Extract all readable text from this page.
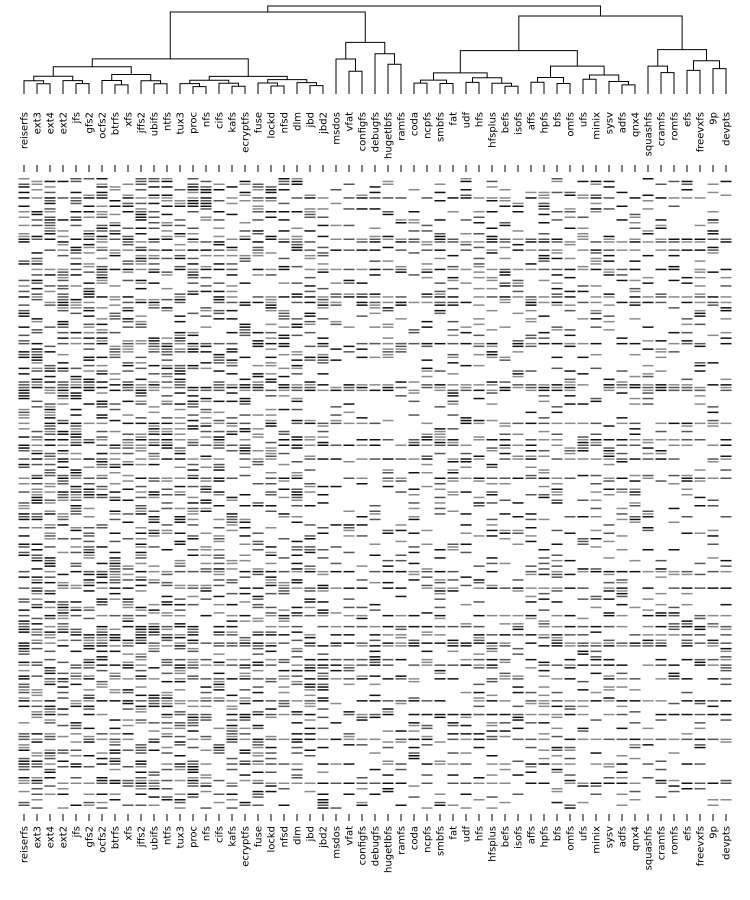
reiserfs ext3 ext4 ext2 jfs gfs2 ocfs2 btrfs xfs jffs2 ubifs ntfs tux3 proc nfs cifs kafs ecryptfs fuse lockd nfsd dlm jbd jbd2 msdos vfat configfs debugfs hugetlbfs ramfs coda ncpfs smbfs fat udf hfs hfsplus befs isofs affs hpfs bfs omfs ufs minix sysv adfs qnx4 squashfs cramfs romfs efs freevxfs 9p devpts
reiserfs ext3 ext4 ext2 jfs gfs2 ocfs2 btrfs xfs jffs2 ubifs ntfs tux3 proc nfs cifs kafs ecryptfs fuse lockd nfsd dlm jbd jbd2 msdos vfat configfs debugfs hugetlbfs ramfs coda ncpfs smbfs fat udf hfs hfsplus befs isofs affs hpfs bfs omfs ufs minix sysv adfs qnx4 squashfs cramfs romfs efs freevxfs 9p devpts
